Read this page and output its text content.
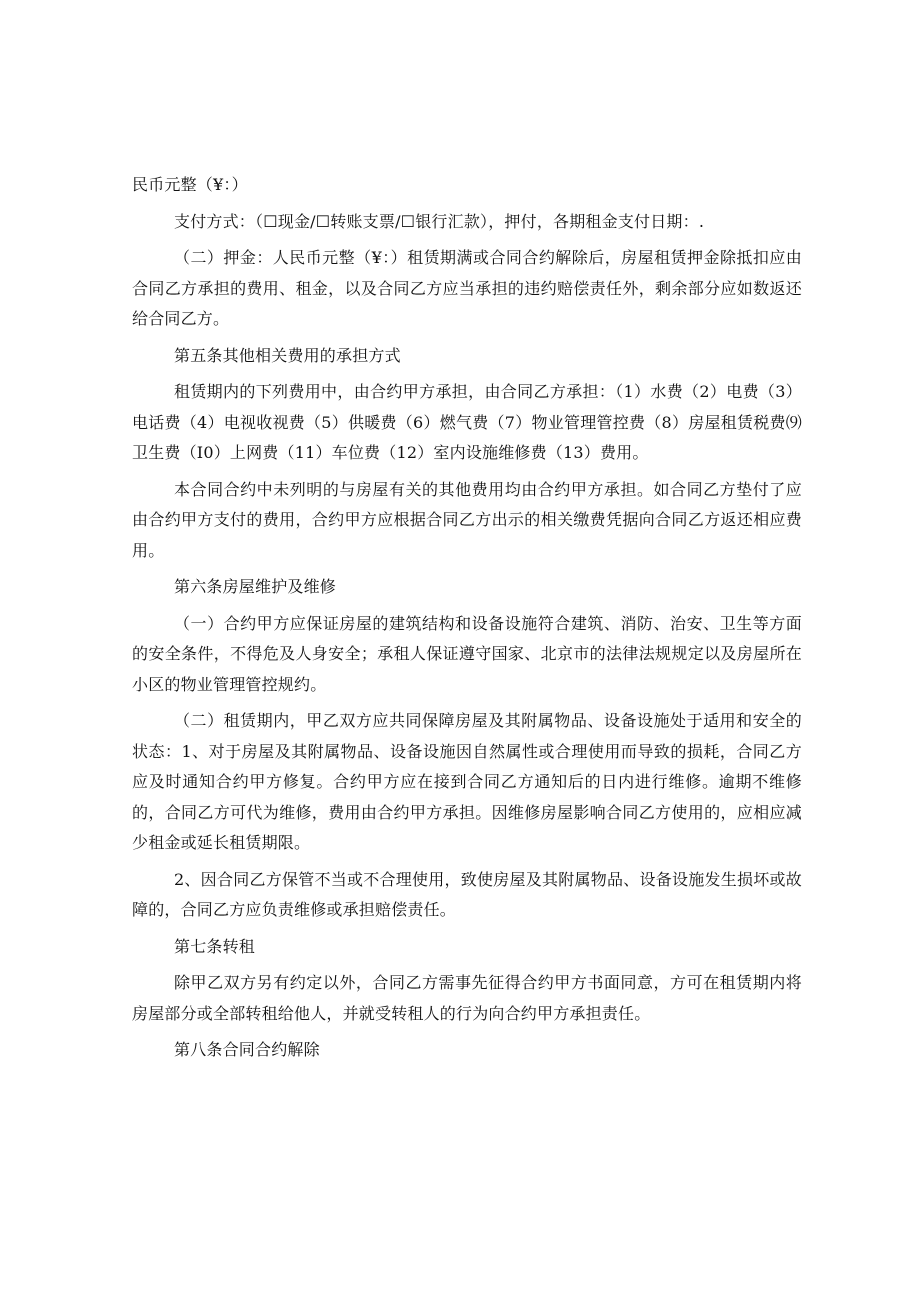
民币元整（¥：）

支付方式：（☐现金/☐转账支票/☐银行汇款），押付，各期租金支付日期：.

（二）押金：人民币元整（¥：）租赁期满或合同合约解除后，房屋租赁押金除抵扣应由合同乙方承担的费用、租金，以及合同乙方应当承担的违约赔偿责任外，剩余部分应如数返还给合同乙方。

第五条其他相关费用的承担方式

租赁期内的下列费用中，由合约甲方承担，由合同乙方承担：（1）水费（2）电费（3）电话费（4）电视收视费（5）供暖费（6）燃气费（7）物业管理管控费（8）房屋租赁税费⑼卫生费（I0）上网费（11）车位费（12）室内设施维修费（13）费用。

本合同合约中未列明的与房屋有关的其他费用均由合约甲方承担。如合同乙方垫付了应由合约甲方支付的费用，合约甲方应根据合同乙方出示的相关缴费凭据向合同乙方返还相应费用。

第六条房屋维护及维修

（一）合约甲方应保证房屋的建筑结构和设备设施符合建筑、消防、治安、卫生等方面的安全条件，不得危及人身安全；承租人保证遵守国家、北京市的法律法规规定以及房屋所在小区的物业管理管控规约。

（二）租赁期内，甲乙双方应共同保障房屋及其附属物品、设备设施处于适用和安全的状态：1、对于房屋及其附属物品、设备设施因自然属性或合理使用而导致的损耗，合同乙方应及时通知合约甲方修复。合约甲方应在接到合同乙方通知后的日内进行维修。逾期不维修的，合同乙方可代为维修，费用由合约甲方承担。因维修房屋影响合同乙方使用的，应相应减少租金或延长租赁期限。

2、因合同乙方保管不当或不合理使用，致使房屋及其附属物品、设备设施发生损坏或故障的，合同乙方应负责维修或承担赔偿责任。

第七条转租

除甲乙双方另有约定以外，合同乙方需事先征得合约甲方书面同意，方可在租赁期内将房屋部分或全部转租给他人，并就受转租人的行为向合约甲方承担责任。

第八条合同合约解除
